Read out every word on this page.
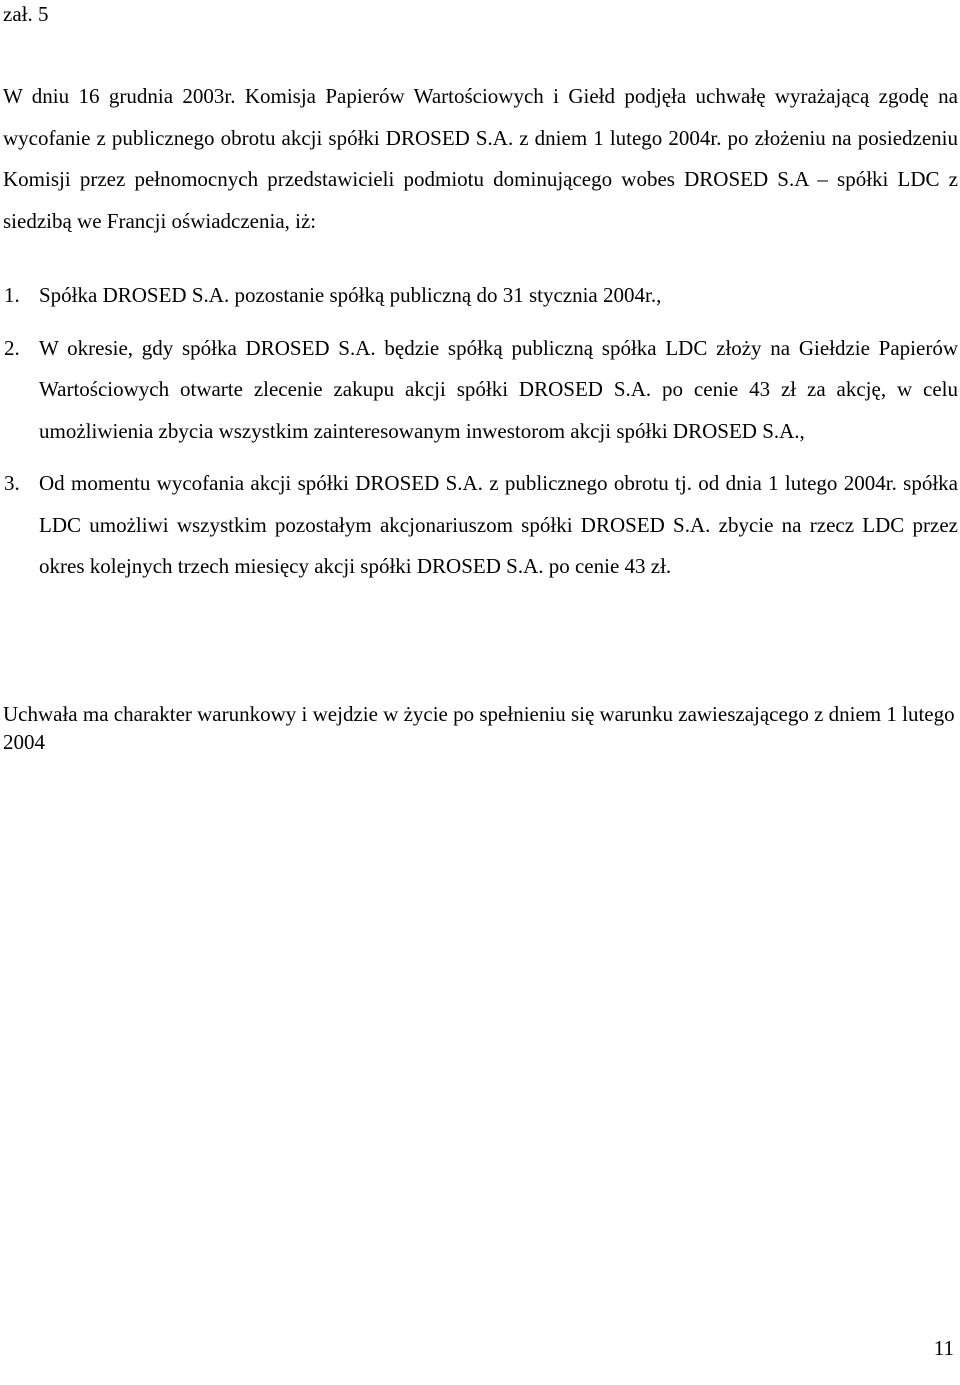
zał. 5

W dniu 16 grudnia 2003r. Komisja Papierów Wartościowych i Giełd podjęła uchwałę wyrażającą zgodę na wycofanie z publicznego obrotu akcji spółki DROSED S.A. z dniem 1 lutego 2004r. po złożeniu na posiedzeniu Komisji przez pełnomocnych przedstawicieli podmiotu dominującego wobes DROSED S.A – spółki LDC z siedzibą we Francji oświadczenia, iż:

1. Spółka DROSED S.A. pozostanie spółką publiczną do 31 stycznia 2004r.,
2. W okresie, gdy spółka DROSED S.A. będzie spółką publiczną spółka LDC złoży na Giełdzie Papierów Wartościowych otwarte zlecenie zakupu akcji spółki DROSED S.A. po cenie 43 zł za akcję, w celu umożliwienia zbycia wszystkim zainteresowanym inwestorom akcji spółki DROSED S.A.,
3. Od momentu wycofania akcji spółki DROSED S.A. z publicznego obrotu tj. od dnia 1 lutego 2004r. spółka LDC umożliwi wszystkim pozostałym akcjonariuszom spółki DROSED S.A. zbycie na rzecz LDC przez okres kolejnych trzech miesięcy akcji spółki DROSED S.A. po cenie 43 zł.

Uchwała ma charakter warunkowy i wejdzie w życie po spełnieniu się warunku zawieszającego z dniem 1 lutego 2004

11
